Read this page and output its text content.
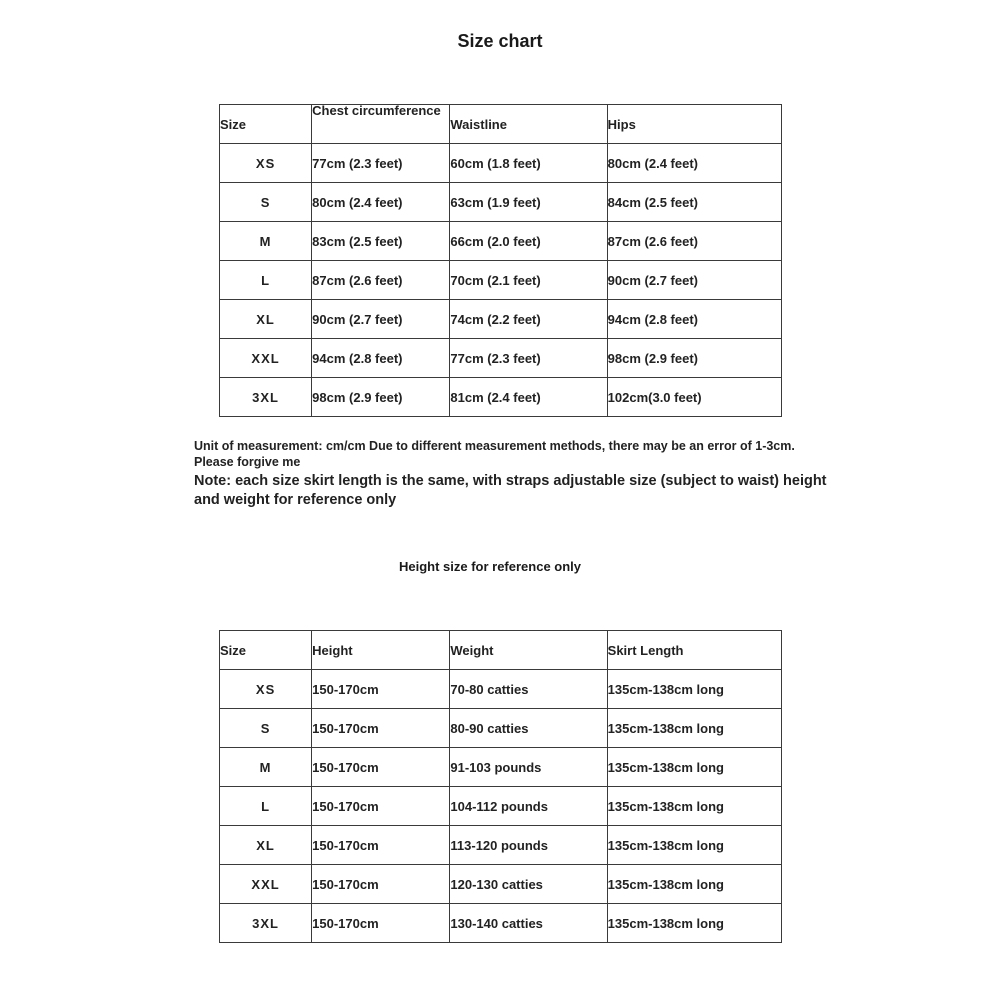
Size chart
Size	Chest circumference	Waistline	Hips
XS	77cm (2.3 feet)	60cm (1.8 feet)	80cm (2.4 feet)
S	80cm (2.4 feet)	63cm (1.9 feet)	84cm (2.5 feet)
M	83cm (2.5 feet)	66cm (2.0 feet)	87cm (2.6 feet)
L	87cm (2.6 feet)	70cm (2.1 feet)	90cm (2.7 feet)
XL	90cm (2.7 feet)	74cm (2.2 feet)	94cm (2.8 feet)
XXL	94cm (2.8 feet)	77cm (2.3 feet)	98cm (2.9 feet)
3XL	98cm (2.9 feet)	81cm (2.4 feet)	102cm(3.0 feet)
Unit of measurement: cm/cm Due to different measurement methods, there may be an error of 1-3cm. Please forgive me
Note: each size skirt length is the same, with straps adjustable size (subject to waist) height and weight for reference only
Height size for reference only
Size	Height	Weight	Skirt Length
XS	150-170cm	70-80 catties	135cm-138cm long
S	150-170cm	80-90 catties	135cm-138cm long
M	150-170cm	91-103 pounds	135cm-138cm long
L	150-170cm	104-112 pounds	135cm-138cm long
XL	150-170cm	113-120 pounds	135cm-138cm long
XXL	150-170cm	120-130 catties	135cm-138cm long
3XL	150-170cm	130-140 catties	135cm-138cm long
